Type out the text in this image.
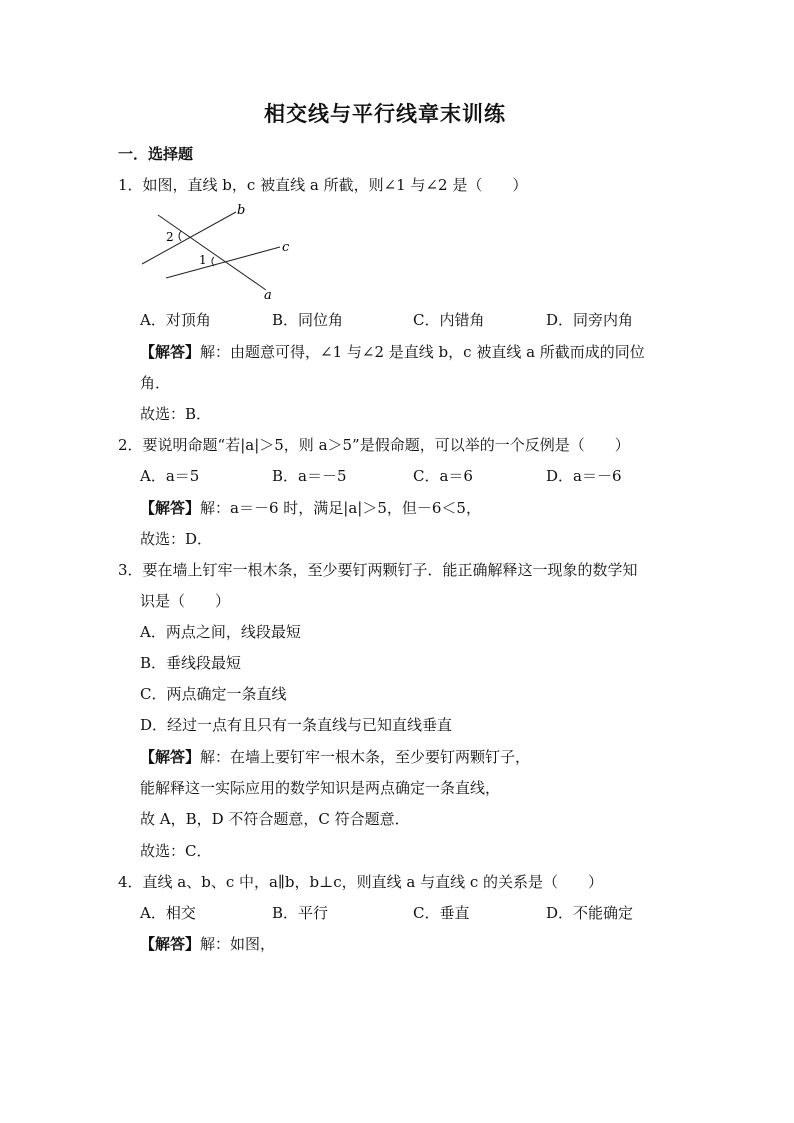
相交线与平行线章末训练
一．选择题
1．如图，直线 b，c 被直线 a 所截，则∠1 与∠2 是（　　）
b
c
a
2
1
A．对顶角	B．同位角	C．内错角	D．同旁内角
【解答】解：由题意可得，∠1 与∠2 是直线 b，c 被直线 a 所截而成的同位
角．
故选：B．
2．要说明命题“若|a|＞5，则 a＞5”是假命题，可以举的一个反例是（　　）
A．a＝5	B．a＝－5	C．a＝6	D．a＝－6
【解答】解：a＝－6 时，满足|a|＞5，但－6＜5，
故选：D．
3．要在墙上钉牢一根木条，至少要钉两颗钉子．能正确解释这一现象的数学知
识是（　　）
A．两点之间，线段最短
B．垂线段最短
C．两点确定一条直线
D．经过一点有且只有一条直线与已知直线垂直
【解答】解：在墙上要钉牢一根木条，至少要钉两颗钉子，
能解释这一实际应用的数学知识是两点确定一条直线，
故 A，B，D 不符合题意，C 符合题意．
故选：C．
4．直线 a、b、c 中，a∥b，b⊥c，则直线 a 与直线 c 的关系是（　　）
A．相交	B．平行	C．垂直	D．不能确定
【解答】解：如图，
